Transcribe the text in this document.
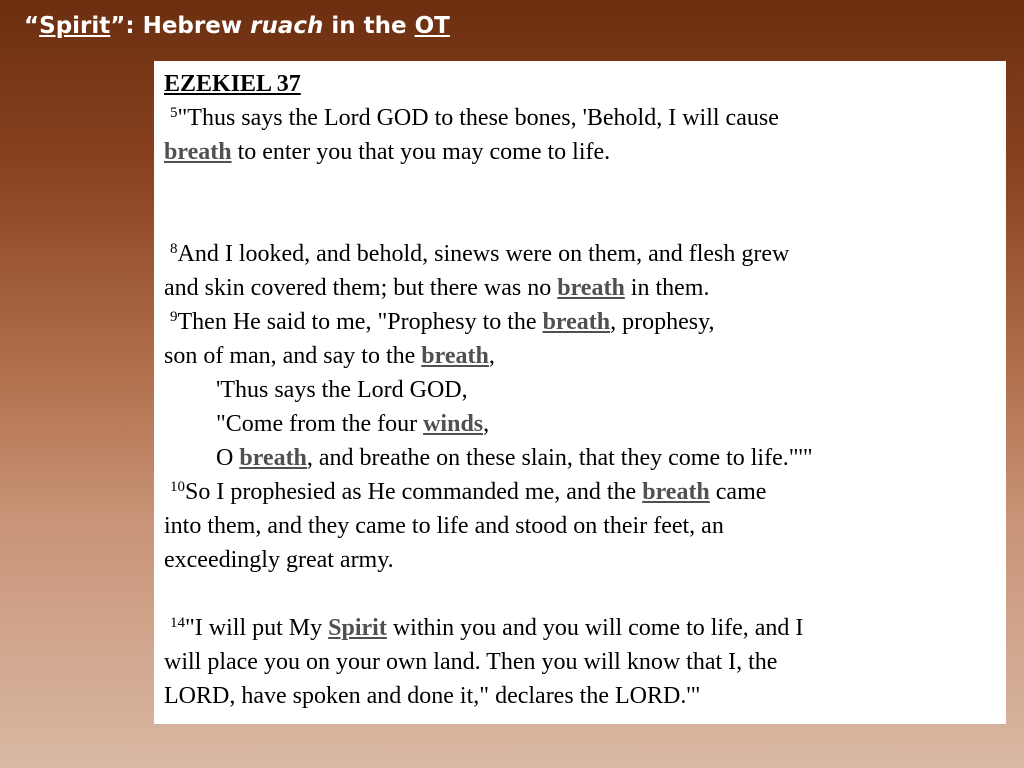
“Spirit”: Hebrew ruach in the OT
EZEKIEL 37
$^5$"Thus says the Lord GOD to these bones, 'Behold, I will cause
breath to enter you that you may come to life.
$^8$And I looked, and behold, sinews were on them, and flesh grew
and skin covered them; but there was no breath in them.
$^9$Then He said to me, "Prophesy to the breath, prophesy,
son of man, and say to the breath,
'Thus says the Lord GOD,
"Come from the four winds,
O breath, and breathe on these slain, that they come to life."'"
$^{10}$So I prophesied as He commanded me, and the breath came
into them, and they came to life and stood on their feet, an
exceedingly great army.
$^{14}$"I will put My Spirit within you and you will come to life, and I
will place you on your own land. Then you will know that I, the
LORD, have spoken and done it," declares the LORD.'"
